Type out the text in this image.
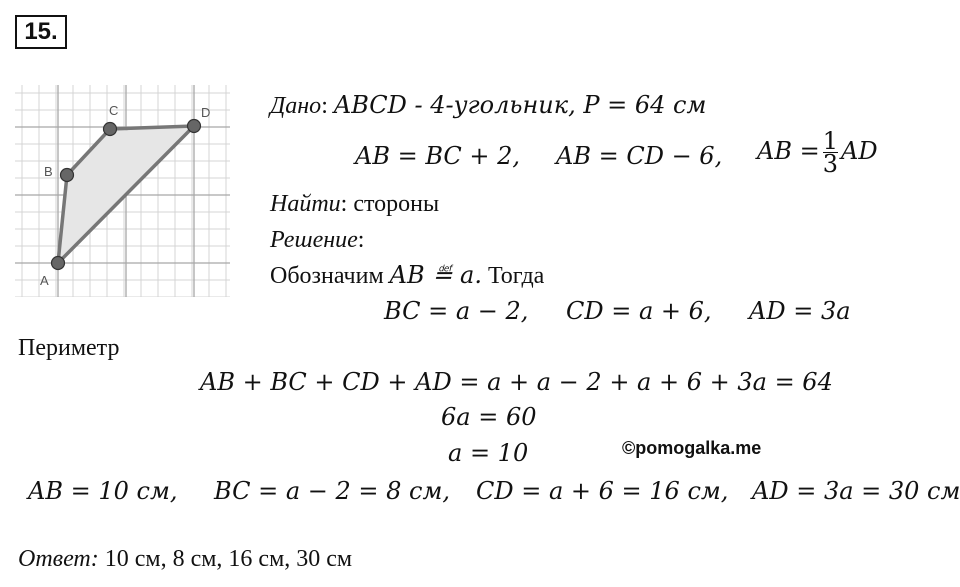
15.
A
B
C	D Дано: ABCD - 4-угольник, P = 64 см
AB = BC + 2, AB = CD − 6, AB = $\frac{1}{3}$ AD
Найти: стороны
Решение:
Обозначим AB ≝ a. Тогда
BC = a − 2, CD = a + 6, AD = 3a
Периметр
AB + BC + CD + AD = a + a − 2 + a + 6 + 3a = 64
6a = 60
a = 10	©pomogalka.me
AB = 10 см, BC = a − 2 = 8 см, CD = a + 6 = 16 см, AD = 3a = 30 см
Ответ: 10 см, 8 см, 16 см, 30 см
